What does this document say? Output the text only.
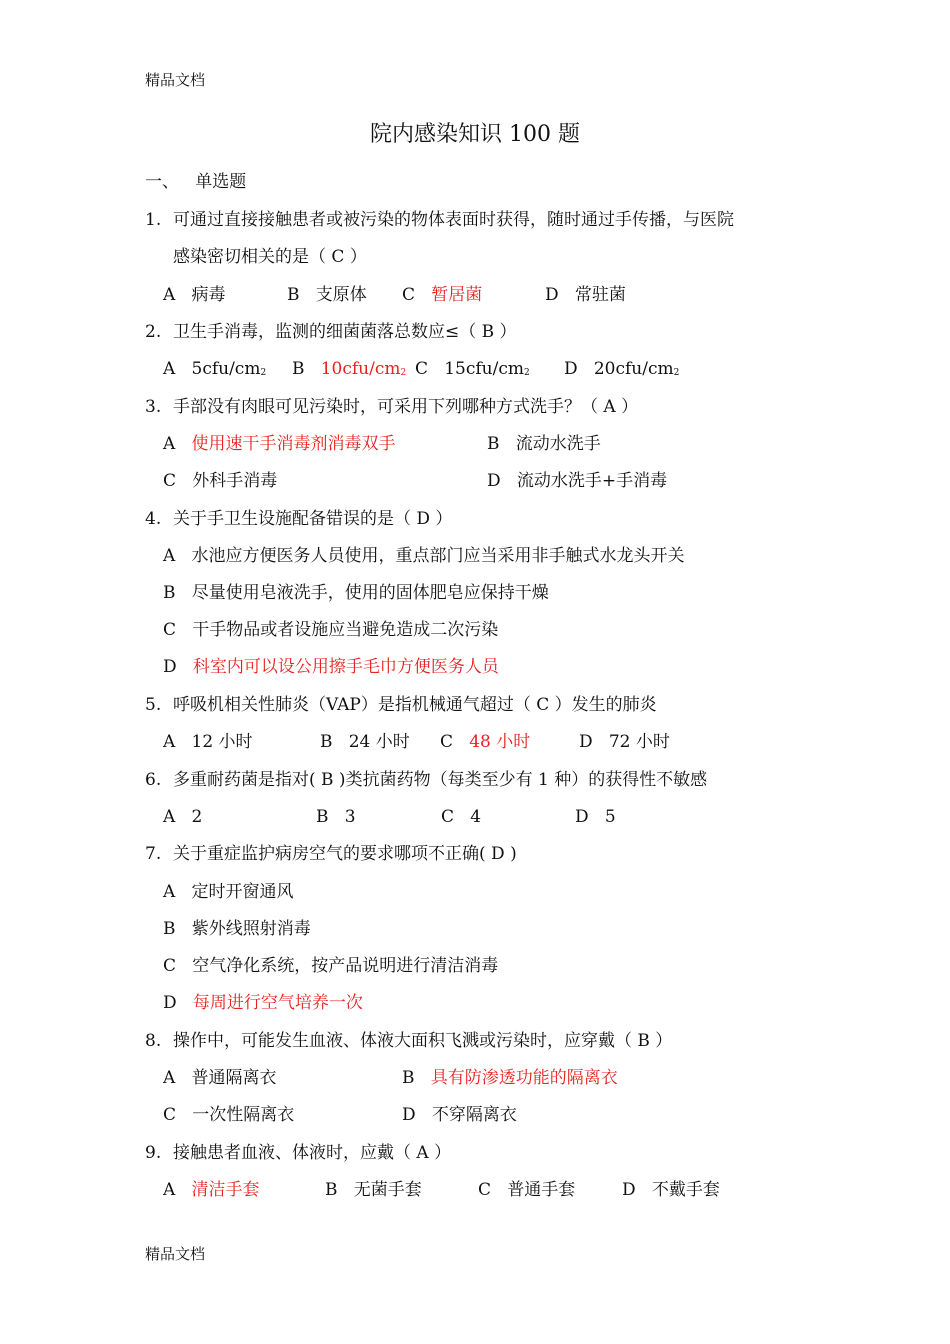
精品文档
院内感染知识 100 题
一、 单选题
1. 可通过直接接触患者或被污染的物体表面时获得，随时通过手传播，与医院
感染密切相关的是（ C ）
A 病毒	B 支原体 C 暂居菌	D 常驻菌
2. 卫生手消毒，监测的细菌菌落总数应≤（ B ）
A $5cfu/cm_2$ B $10cfu/cm_2$ C $15cfu/cm_2$ D $20cfu/cm_2$
3. 手部没有肉眼可见污染时，可采用下列哪种方式洗手？（ A ）
A 使用速干手消毒剂消毒双手	B 流动水洗手
C 外科手消毒	D 流动水洗手+手消毒
4. 关于手卫生设施配备错误的是（ D ）
A 水池应方便医务人员使用，重点部门应当采用非手触式水龙头开关
B 尽量使用皂液洗手，使用的固体肥皂应保持干燥
C 干手物品或者设施应当避免造成二次污染
D 科室内可以设公用擦手毛巾方便医务人员
5. 呼吸机相关性肺炎（VAP）是指机械通气超过（ C ）发生的肺炎
A 12 小时	B 24 小时 C 48 小时	D 72 小时
6. 多重耐药菌是指对( B )类抗菌药物（每类至少有 1 种）的获得性不敏感
A 2	B 3	C 4	D 5
7. 关于重症监护病房空气的要求哪项不正确( D )
A 定时开窗通风
B 紫外线照射消毒
C 空气净化系统，按产品说明进行清洁消毒
D 每周进行空气培养一次
8. 操作中，可能发生血液、体液大面积飞溅或污染时，应穿戴（ B ）
A 普通隔离衣	B 具有防渗透功能的隔离衣
C 一次性隔离衣	D 不穿隔离衣
9. 接触患者血液、体液时，应戴（ A ）
A 清洁手套	B 无菌手套	C 普通手套	D 不戴手套
精品文档
